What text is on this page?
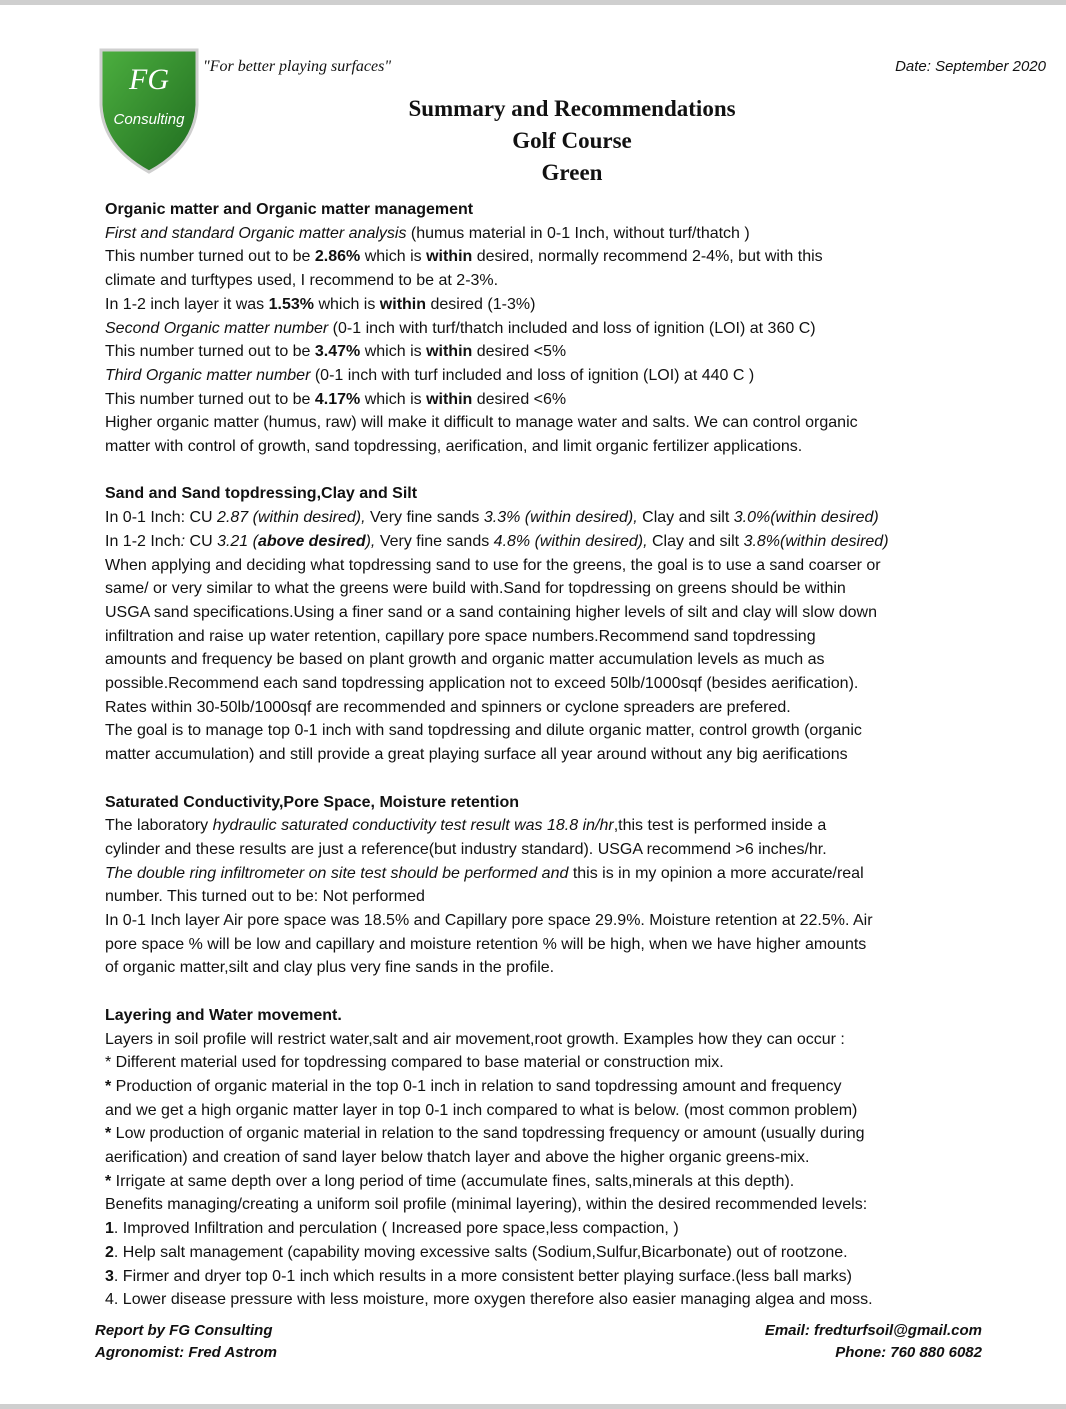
FG
Consulting
"For better playing surfaces"	Date: September 2020
Summary and Recommendations
Golf Course
Green

Organic matter and Organic matter management

First and standard Organic matter analysis (humus material in 0-1 Inch, without turf/thatch )

This number turned out to be 2.86% which is within desired, normally recommend 2-4%, but with this

climate and turftypes used, I recommend to be at 2-3%.

In 1-2 inch layer it was 1.53% which is within desired (1-3%)

Second Organic matter number (0-1 inch with turf/thatch included and loss of ignition (LOI) at 360 C)

This number turned out to be 3.47% which is within desired <5%

Third Organic matter number (0-1 inch with turf included and loss of ignition (LOI) at 440 C )

This number turned out to be 4.17% which is within desired <6%

Higher organic matter (humus, raw) will make it difficult to manage water and salts. We can control organic

matter with control of growth, sand topdressing, aerification, and limit organic fertilizer applications.

Sand and Sand topdressing,Clay and Silt

In 0-1 Inch: CU 2.87 (within desired), Very fine sands 3.3% (within desired), Clay and silt 3.0%(within desired)

In 1-2 Inch: CU 3.21 (above desired), Very fine sands 4.8% (within desired), Clay and silt 3.8%(within desired)

When applying and deciding what topdressing sand to use for the greens, the goal is to use a sand coarser or

same/ or very similar to what the greens were build with.Sand for topdressing on greens should be within

USGA sand specifications.Using a finer sand or a sand containing higher levels of silt and clay will slow down

infiltration and raise up water retention, capillary pore space numbers.Recommend sand topdressing

amounts and frequency be based on plant growth and organic matter accumulation levels as much as

possible.Recommend each sand topdressing application not to exceed 50lb/1000sqf (besides aerification).

Rates within 30-50lb/1000sqf are recommended and spinners or cyclone spreaders are prefered.

The goal is to manage top 0-1 inch with sand topdressing and dilute organic matter, control growth (organic

matter accumulation) and still provide a great playing surface all year around without any big aerifications

Saturated Conductivity,Pore Space, Moisture retention

The laboratory hydraulic saturated conductivity test result was 18.8 in/hr,this test is performed inside a

cylinder and these results are just a reference(but industry standard). USGA recommend >6 inches/hr.

The double ring infiltrometer on site test should be performed and this is in my opinion a more accurate/real

number. This turned out to be: Not performed

In 0-1 Inch layer Air pore space was 18.5% and Capillary pore space 29.9%. Moisture retention at 22.5%. Air

pore space % will be low and capillary and moisture retention % will be high, when we have higher amounts

of organic matter,silt and clay plus very fine sands in the profile.

Layering and Water movement.

Layers in soil profile will restrict water,salt and air movement,root growth. Examples how they can occur :

* Different material used for topdressing compared to base material or construction mix.

* Production of organic material in the top 0-1 inch in relation to sand topdressing amount and frequency

and we get a high organic matter layer in top 0-1 inch compared to what is below. (most common problem)

* Low production of organic material in relation to the sand topdressing frequency or amount (usually during

aerification) and creation of sand layer below thatch layer and above the higher organic greens-mix.

* Irrigate at same depth over a long period of time (accumulate fines, salts,minerals at this depth).

Benefits managing/creating a uniform soil profile (minimal layering), within the desired recommended levels:

1. Improved Infiltration and perculation ( Increased pore space,less compaction, )

2. Help salt management (capability moving excessive salts (Sodium,Sulfur,Bicarbonate) out of rootzone.

3. Firmer and dryer top 0-1 inch which results in a more consistent better playing surface.(less ball marks)

4. Lower disease pressure with less moisture, more oxygen therefore also easier managing algea and moss.

Report by FG Consulting
Agronomist: Fred Astrom
Email: fredturfsoil@gmail.com
Phone: 760 880 6082
